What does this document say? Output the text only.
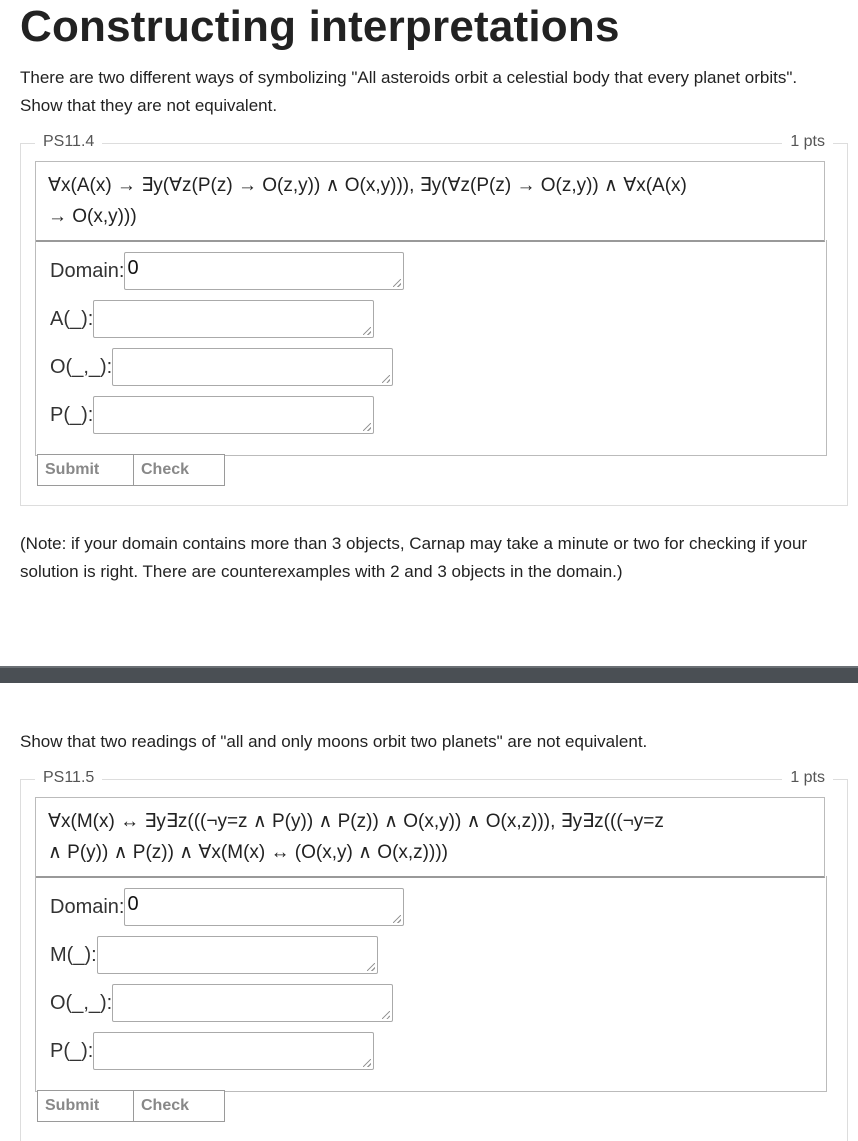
Constructing interpretations
There are two different ways of symbolizing "All asteroids orbit a celestial body that every planet orbits". Show that they are not equivalent.
PS11.4	1 pts
∀x(A(x) → ∃y(∀z(P(z) → O(z,y)) ∧ O(x,y))), ∃y(∀z(P(z) → O(z,y)) ∧ ∀x(A(x)
→ O(x,y)))
Domain: 0
A(_):
O(_,_):
P(_):
Submit	Check
(Note: if your domain contains more than 3 objects, Carnap may take a minute or two for checking if your solution is right. There are counterexamples with 2 and 3 objects in the domain.)
Show that two readings of "all and only moons orbit two planets" are not equivalent.
PS11.5	1 pts
∀x(M(x) ↔ ∃y∃z(((¬y=z ∧ P(y)) ∧ P(z)) ∧ O(x,y)) ∧ O(x,z))), ∃y∃z(((¬y=z
∧ P(y)) ∧ P(z)) ∧ ∀x(M(x) ↔ (O(x,y) ∧ O(x,z))))
Domain: 0
M(_):
O(_,_):
P(_):
Submit	Check
